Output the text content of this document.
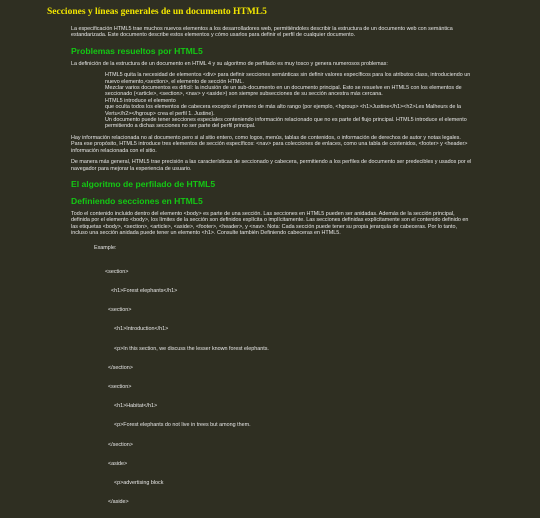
Secciones y líneas generales de un documento HTML5

La especificación HTML5 trae muchos nuevos elementos a los desarrolladores web, permitiéndoles describir la estructura de un documento web con semántica estandarizada. Este documento describe estos elementos y cómo usarlos para definir el perfil de cualquier documento.

Problemas resueltos por HTML5

La definición de la estructura de un documento en HTML 4 y su algoritmo de perfilado es muy tosco y genera numerosos problemas:

HTML5 quita la necesidad de elementos <div> para definir secciones semánticas sin definir valores específicos para los atributos class, introduciendo un nuevo elemento,<section>, el elemento de sección HTML.
Mezclar varios documentos es difícil: la inclusión de un sub-documento en un documento principal. Esto se resuelve en HTML5 con los elementos de seccionado (<article>, <section>, <nav> y <aside>) son siempre subsecciones de su sección ancestra más cercana.
HTML5 introduce el elemento
que oculta todos los elementos de cabecera excepto el primero de más alto rango (por ejemplo, <hgroup> <h1>Justine</h1><h2>Les Malheurs de la Vertu</h2></hgroup> crea el perfil 1. Justine).
Un documento puede tener secciones especiales conteniendo información relacionado que no es parte del flujo principal. HTML5 introduce el elemento
permitiendo a dichas secciones no ser parte del perfil principal.

Hay información relacionada no al documento pero si al sitio entero, como logos, menús, tablas de contenidos, o información de derechos de autor y notas legales. Para ese propósito, HTML5 introduce tres elementos de sección específicos: <nav> para colecciones de enlaces, como una tabla de contenidos, <footer> y <header> información relacionada con el sitio.

De manera más general, HTML5 trae precisión a las características de seccionado y cabecera, permitiendo a los perfiles de documento ser predecibles y usados por el navegador para mejorar la experiencia de usuario.

El algoritmo de perfilado de HTML5
Definiendo secciones en HTML5

Todo el contenido incluido dentro del elemento <body> es parte de una sección. Las secciones en HTML5 pueden ser anidadas. Además de la sección principal, definida por el elemento <body>, los límites de la sección son definidos explícita o implícitamente. Las secciones definidas explícitamente son el contenido definido en las etiquetas <body>, <section>, <article>, <aside>, <footer>, <header>, y <nav>. Nota: Cada sección puede tener su propia jerarquía de cabeceras. Por lo tanto, incluso una sección anidada puede tener un elemento <h1>. Consulte también Definiendo cabeceras en HTML5.

Example:

<section>

<h1>Forest elephants</h1>

<section>

<h1>Introduction</h1>

<p>In this section, we discuss the lesser known forest elephants.

</section>

<section>

<h1>Habitat</h1>

<p>Forest elephants do not live in trees but among them.

</section>

<aside>

<p>advertising block

</aside>
